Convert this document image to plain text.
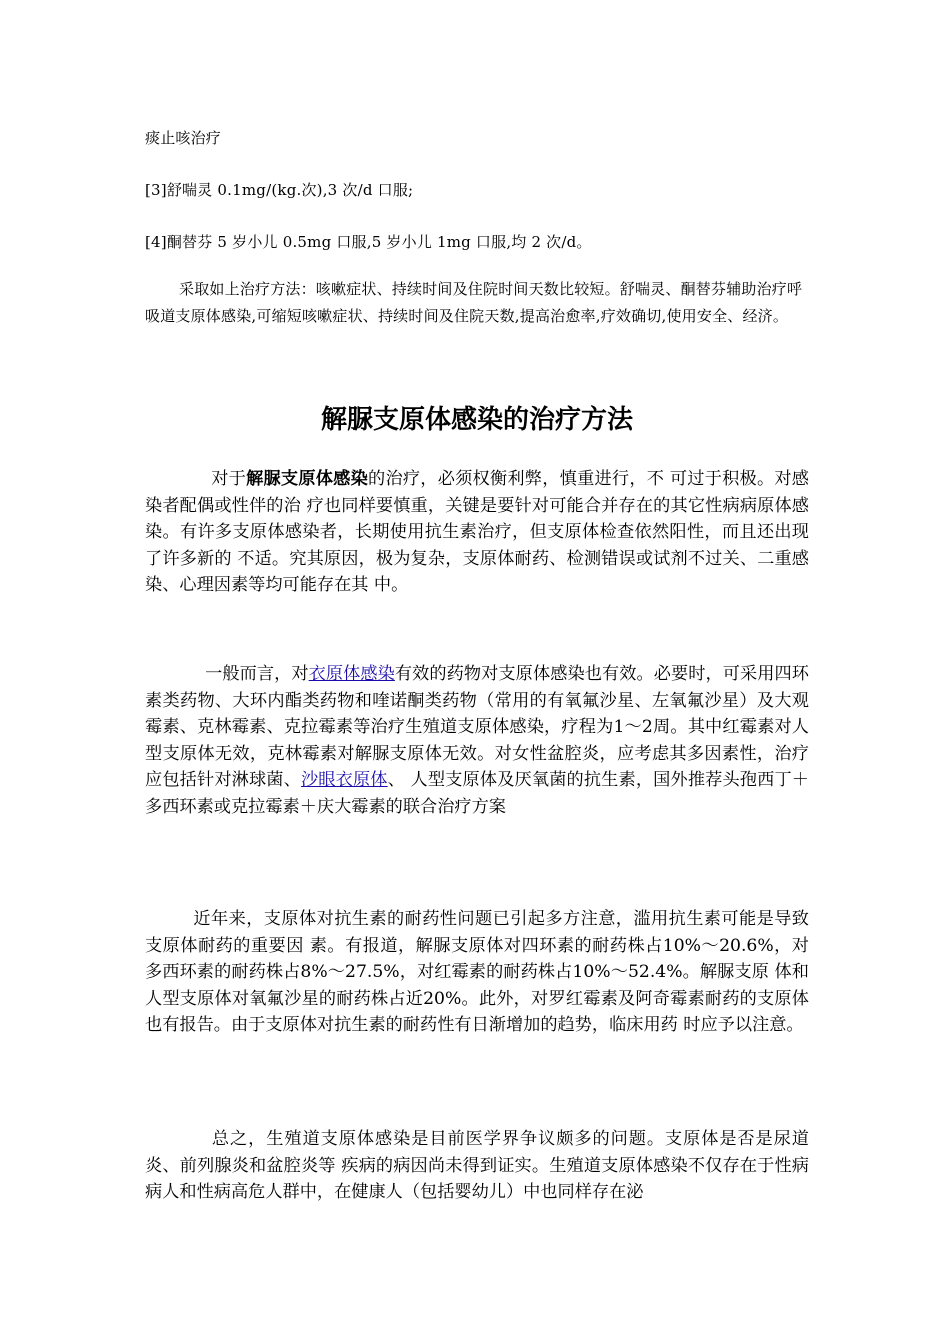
痰止咳治疗

[3]舒喘灵 0.1mg/(kg.次),3 次/d 口服;

[4]酮替芬 5 岁小儿 0.5mg 口服,5 岁小儿 1mg 口服,均 2 次/d。

采取如上治疗方法：咳嗽症状、持续时间及住院时间天数比较短。舒喘灵、酮替芬辅助治疗呼吸道支原体感染,可缩短咳嗽症状、持续时间及住院天数,提高治愈率,疗效确切,使用安全、经济。

解脲支原体感染的治疗方法

对于解脲支原体感染的治疗，必须权衡利弊，慎重进行，不 可过于积极。对感染者配偶或性伴的治 疗也同样要慎重，关键是要针对可能合并存在的其它性病病原体感染。有许多支原体感染者，长期使用抗生素治疗，但支原体检查依然阳性，而且还出现了许多新的 不适。究其原因，极为复杂，支原体耐药、检测错误或试剂不过关、二重感染、心理因素等均可能存在其 中。

一般而言，对衣原体感染有效的药物对支原体感染也有效。必要时，可采用四环素类药物、大环内酯类药物和喹诺酮类药物（常用的有氧氟沙星、左氧氟沙星）及大观霉素、克林霉素、克拉霉素等治疗生殖道支原体感染，疗程为1～2周。其中红霉素对人型支原体无效，克林霉素对解脲支原体无效。对女性盆腔炎，应考虑其多因素性，治疗应包括针对淋球菌、沙眼衣原体、 人型支原体及厌氧菌的抗生素，国外推荐头孢西丁＋多西环素或克拉霉素＋庆大霉素的联合治疗方案

近年来，支原体对抗生素的耐药性问题已引起多方注意，滥用抗生素可能是导致支原体耐药的重要因 素。有报道，解脲支原体对四环素的耐药株占10%～20.6%，对多西环素的耐药株占8%～27.5%，对红霉素的耐药株占10%～52.4%。解脲支原 体和人型支原体对氧氟沙星的耐药株占近20%。此外，对罗红霉素及阿奇霉素耐药的支原体也有报告。由于支原体对抗生素的耐药性有日渐增加的趋势，临床用药 时应予以注意。

总之，生殖道支原体感染是目前医学界争议颇多的问题。支原体是否是尿道炎、前列腺炎和盆腔炎等 疾病的病因尚未得到证实。生殖道支原体感染不仅存在于性病病人和性病高危人群中，在健康人（包括婴幼儿）中也同样存在泌
